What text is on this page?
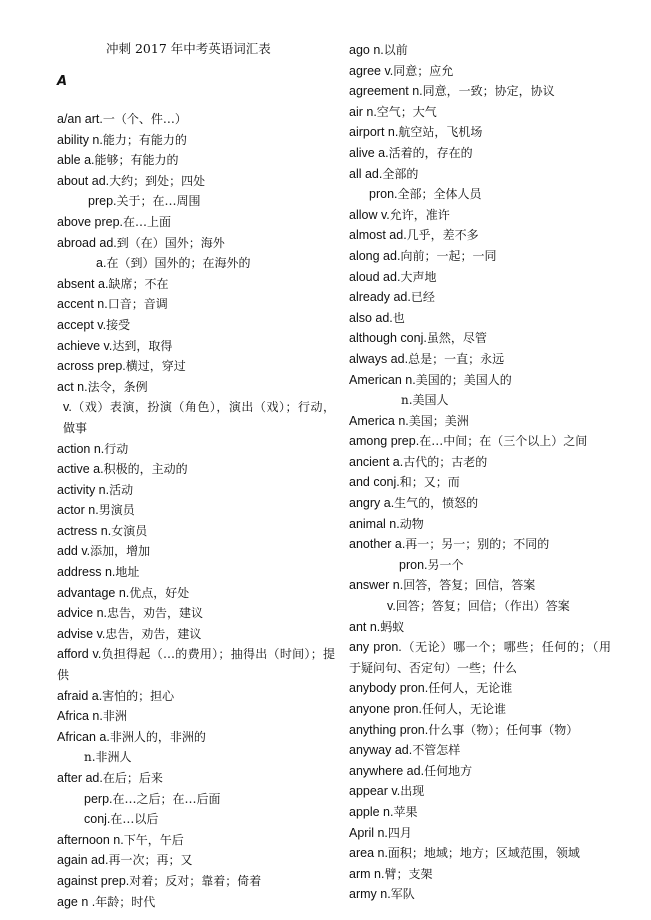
冲刺 2017 年中考英语词汇表
A
a/an art.一（个、件…）
ability n.能力；有能力的
able a.能够；有能力的
about ad.大约；到处；四处
prep.关于；在…周围
above prep.在…上面
abroad ad.到（在）国外；海外
a.在（到）国外的；在海外的
absent a.缺席；不在
accent n.口音；音调
accept v.接受
achieve v.达到，取得
across prep.横过，穿过
act n.法令，条例
v.（戏）表演，扮演（角色），演出（戏）；行动，做事
action n.行动
active a.积极的，主动的
activity n.活动
actor n.男演员
actress n.女演员
add v.添加，增加
address n.地址
advantage n.优点，好处
advice n.忠告，劝告，建议
advise v.忠告，劝告，建议
afford v.负担得起（…的费用）；抽得出（时间）；提供
afraid a.害怕的；担心
Africa n.非洲
African a.非洲人的，非洲的
n.非洲人
after ad.在后；后来
perp.在…之后；在…后面
conj.在…以后
afternoon n.下午，午后
again ad.再一次；再；又
against prep.对着；反对；靠着；倚着
age n .年龄；时代
ago n.以前
agree v.同意；应允
agreement n.同意，一致；协定，协议
air n.空气；大气
airport n.航空站，飞机场
alive a.活着的，存在的
all ad.全部的
pron.全部；全体人员
allow v.允许，准许
almost ad.几乎，差不多
along ad.向前；一起；一同
aloud ad.大声地
already ad.已经
also ad.也
although conj.虽然，尽管
always ad.总是；一直；永远
American n.美国的；美国人的
n.美国人
America n.美国；美洲
among prep.在…中间；在（三个以上）之间
ancient a.古代的；古老的
and conj.和；又；而
angry a.生气的，愤怒的
animal n.动物
another a.再一；另一；别的；不同的
pron.另一个
answer n.回答，答复；回信，答案
v.回答；答复；回信；（作出）答案
ant n.蚂蚁
any pron.（无论）哪一个；哪些；任何的；（用于疑问句、否定句）一些；什么
anybody pron.任何人，无论谁
anyone pron.任何人，无论谁
anything pron.什么事（物）；任何事（物）
anyway ad.不管怎样
anywhere ad.任何地方
appear v.出现
apple n.苹果
April n.四月
area n.面积；地域；地方；区域范围，领域
arm n.臂；支架
army n.军队
